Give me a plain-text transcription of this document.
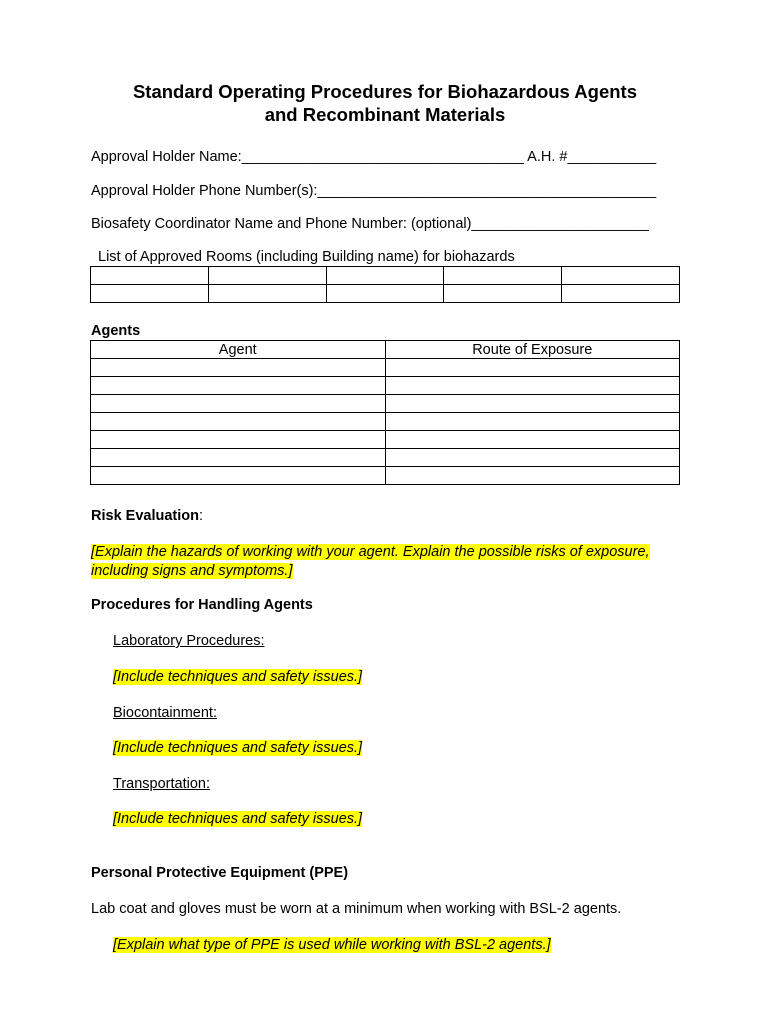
Standard Operating Procedures for Biohazardous Agents
and Recombinant Materials
Approval Holder Name:___________________________________ A.H. #___________
Approval Holder Phone Number(s):__________________________________________
Biosafety Coordinator Name and Phone Number: (optional)______________________
List of Approved Rooms (including Building name) for biohazards

Agents
Agent	Route of Exposure

Risk Evaluation:
[Explain the hazards of working with your agent. Explain the possible risks of exposure,
including signs and symptoms.]
Procedures for Handling Agents
Laboratory Procedures:
[Include techniques and safety issues.]
Biocontainment:
[Include techniques and safety issues.]
Transportation:
[Include techniques and safety issues.]
Personal Protective Equipment (PPE)
Lab coat and gloves must be worn at a minimum when working with BSL-2 agents.
[Explain what type of PPE is used while working with BSL-2 agents.]
